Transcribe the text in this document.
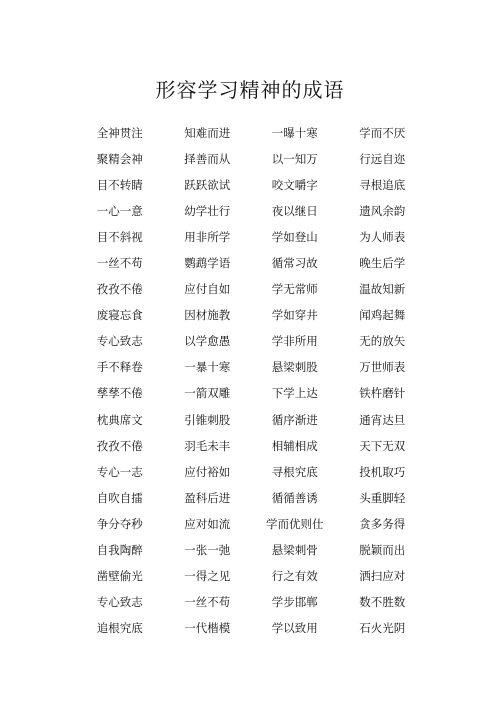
形容学习精神的成语
全神贯注	知难而进	一曝十寒	学而不厌
聚精会神	择善而从	以一知万	行远自迩
目不转睛	跃跃欲试	咬文嚼字	寻根追底
一心一意	幼学壮行	夜以继日	遗风余韵
目不斜视	用非所学	学如登山	为人师表
一丝不苟	鹦鹉学语	循常习故	晚生后学
孜孜不倦	应付自如	学无常师	温故知新
废寝忘食	因材施教	学如穿井	闻鸡起舞
专心致志	以学愈愚	学非所用	无的放矢
手不释卷	一暴十寒	悬梁刺股	万世师表
孳孳不倦	一箭双雕	下学上达	铁杵磨针
枕典席文	引锥刺股	循序渐进	通宵达旦
孜孜不倦	羽毛未丰	相辅相成	天下无双
专心一志	应付裕如	寻根究底	投机取巧
自吹自擂	盈科后进	循循善诱	头重脚轻
争分夺秒	应对如流	学而优则仕	贪多务得
自我陶醉	一张一弛	悬梁刺骨	脱颖而出
凿壁偷光	一得之见	行之有效	洒扫应对
专心致志	一丝不苟	学步邯郸	数不胜数
追根究底	一代楷模	学以致用	石火光阴
